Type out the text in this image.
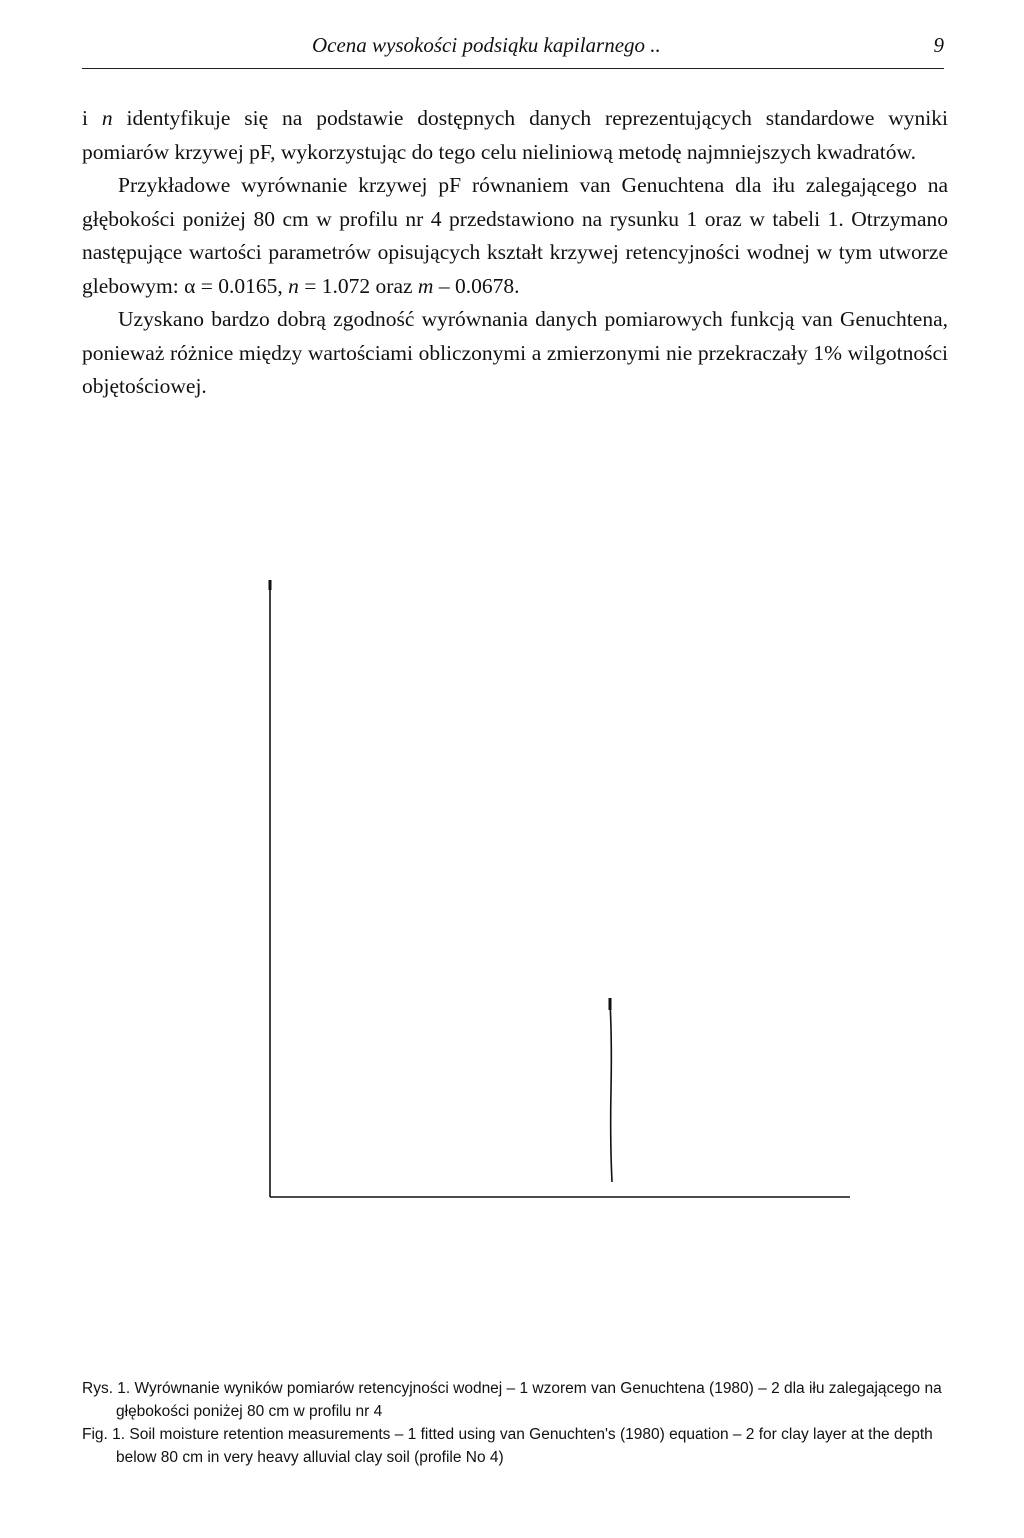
Ocena wysokości podsiąku kapilarnego ..	9

i n identyfikuje się na podstawie dostępnych danych reprezentujących standardowe wyniki pomiarów krzywej pF, wykorzystując do tego celu nieliniową metodę najmniejszych kwadratów.

Przykładowe wyrównanie krzywej pF równaniem van Genuchtena dla iłu zalegającego na głębokości poniżej 80 cm w profilu nr 4 przedstawiono na rysunku 1 oraz w tabeli 1. Otrzymano następujące wartości parametrów opisujących kształt krzywej retencyjności wodnej w tym utworze glebowym: α = 0.0165, n = 1.072 oraz m – 0.0678.

Uzyskano bardzo dobrą zgodność wyrównania danych pomiarowych funkcją van Genuchtena, ponieważ różnice między wartościami obliczonymi a zmierzonymi nie przekraczały 1% wilgotności objętościowej.

Rys. 1. Wyrównanie wyników pomiarów retencyjności wodnej – 1 wzorem van Genuchtena (1980) – 2 dla iłu zalegającego na głębokości poniżej 80 cm w profilu nr 4
Fig. 1. Soil moisture retention measurements – 1 fitted using van Genuchten's (1980) equation – 2 for clay layer at the depth below 80 cm in very heavy alluvial clay soil (profile No 4)
